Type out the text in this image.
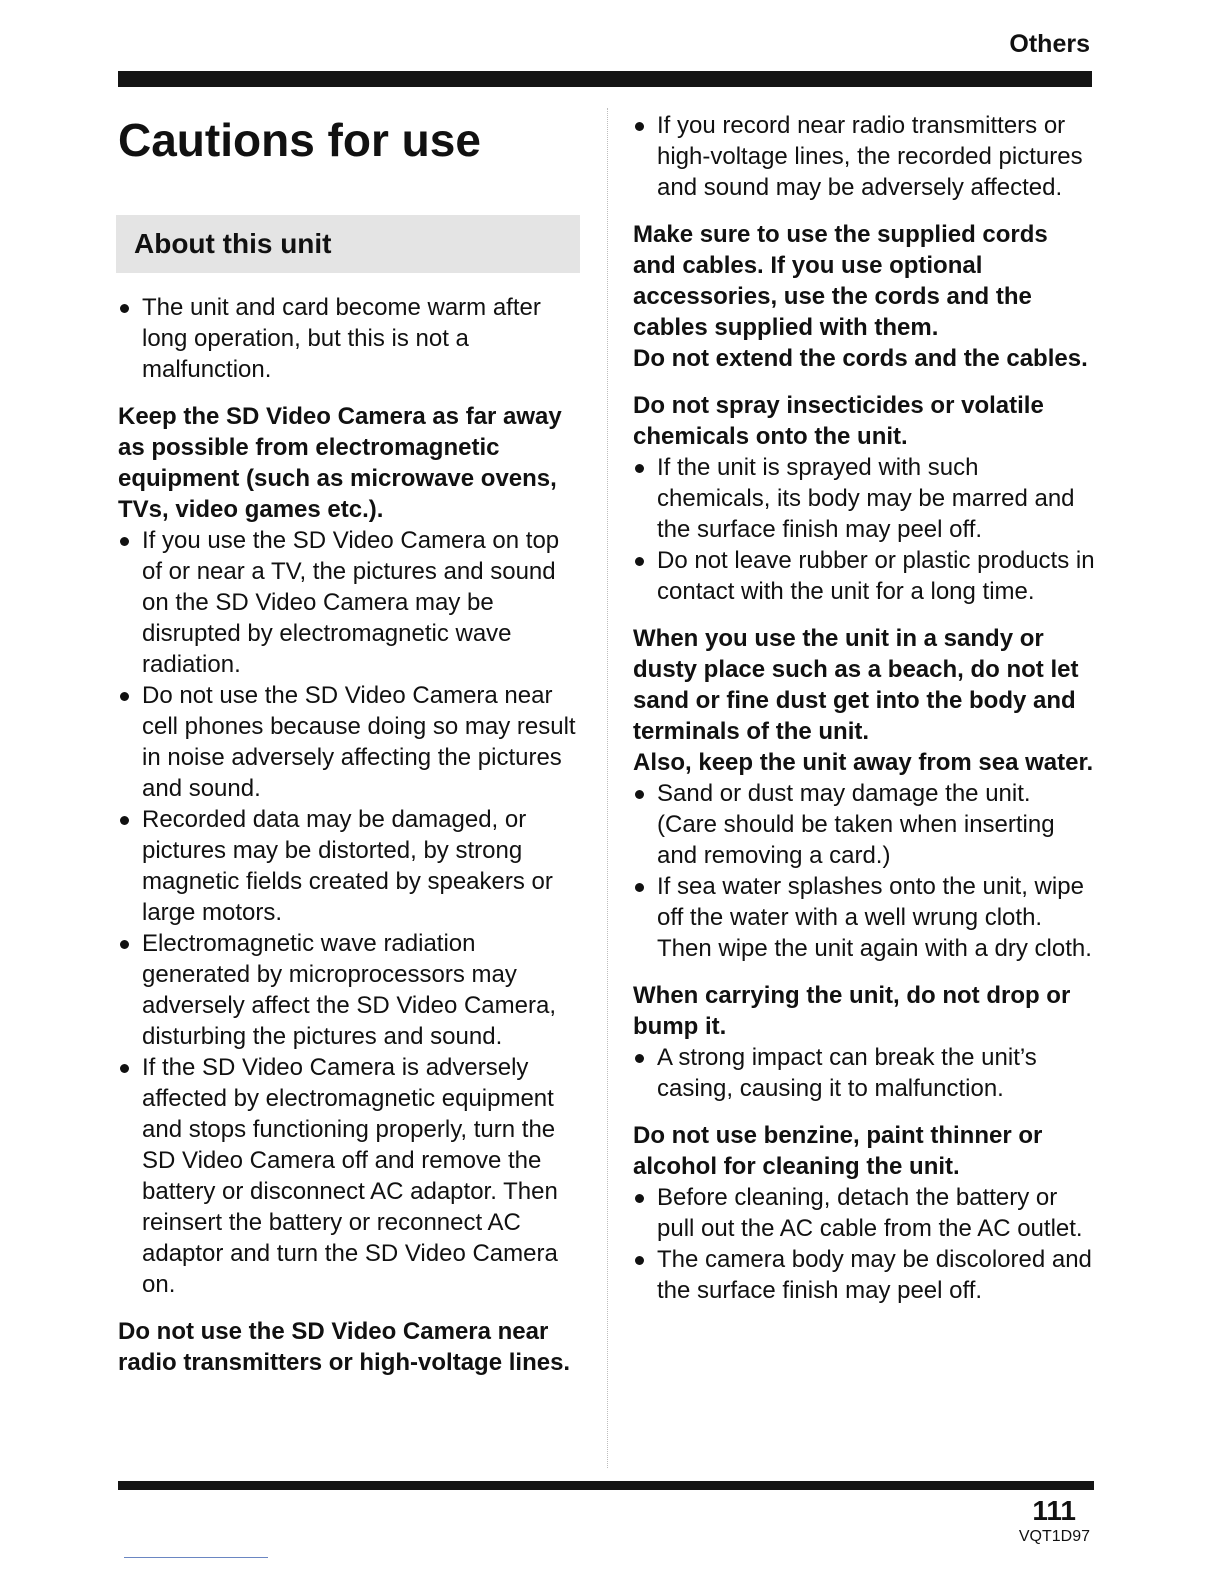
Others
Cautions for use
About this unit

The unit and card become warm after long operation, but this is not a malfunction.

Keep the SD Video Camera as far away as possible from electromagnetic equipment (such as microwave ovens, TVs, video games etc.).

If you use the SD Video Camera on top of or near a TV, the pictures and sound on the SD Video Camera may be disrupted by electromagnetic wave radiation.

Do not use the SD Video Camera near cell phones because doing so may result in noise adversely affecting the pictures and sound.

Recorded data may be damaged, or pictures may be distorted, by strong magnetic fields created by speakers or large motors.

Electromagnetic wave radiation generated by microprocessors may adversely affect the SD Video Camera, disturbing the pictures and sound.

If the SD Video Camera is adversely affected by electromagnetic equipment and stops functioning properly, turn the SD Video Camera off and remove the battery or disconnect AC adaptor. Then reinsert the battery or reconnect AC adaptor and turn the SD Video Camera on.

Do not use the SD Video Camera near radio transmitters or high-voltage lines.

If you record near radio transmitters or high-voltage lines, the recorded pictures and sound may be adversely affected.

Make sure to use the supplied cords and cables. If you use optional accessories, use the cords and the cables supplied with them.

Do not extend the cords and the cables.

Do not spray insecticides or volatile chemicals onto the unit.

If the unit is sprayed with such chemicals, its body may be marred and the surface finish may peel off.

Do not leave rubber or plastic products in contact with the unit for a long time.

When you use the unit in a sandy or dusty place such as a beach, do not let sand or fine dust get into the body and terminals of the unit.

Also, keep the unit away from sea water.

Sand or dust may damage the unit. (Care should be taken when inserting and removing a card.)

If sea water splashes onto the unit, wipe off the water with a well wrung cloth. Then wipe the unit again with a dry cloth.

When carrying the unit, do not drop or bump it.

A strong impact can break the unit’s casing, causing it to malfunction.

Do not use benzine, paint thinner or alcohol for cleaning the unit.

Before cleaning, detach the battery or pull out the AC cable from the AC outlet.

The camera body may be discolored and the surface finish may peel off.

111
VQT1D97
